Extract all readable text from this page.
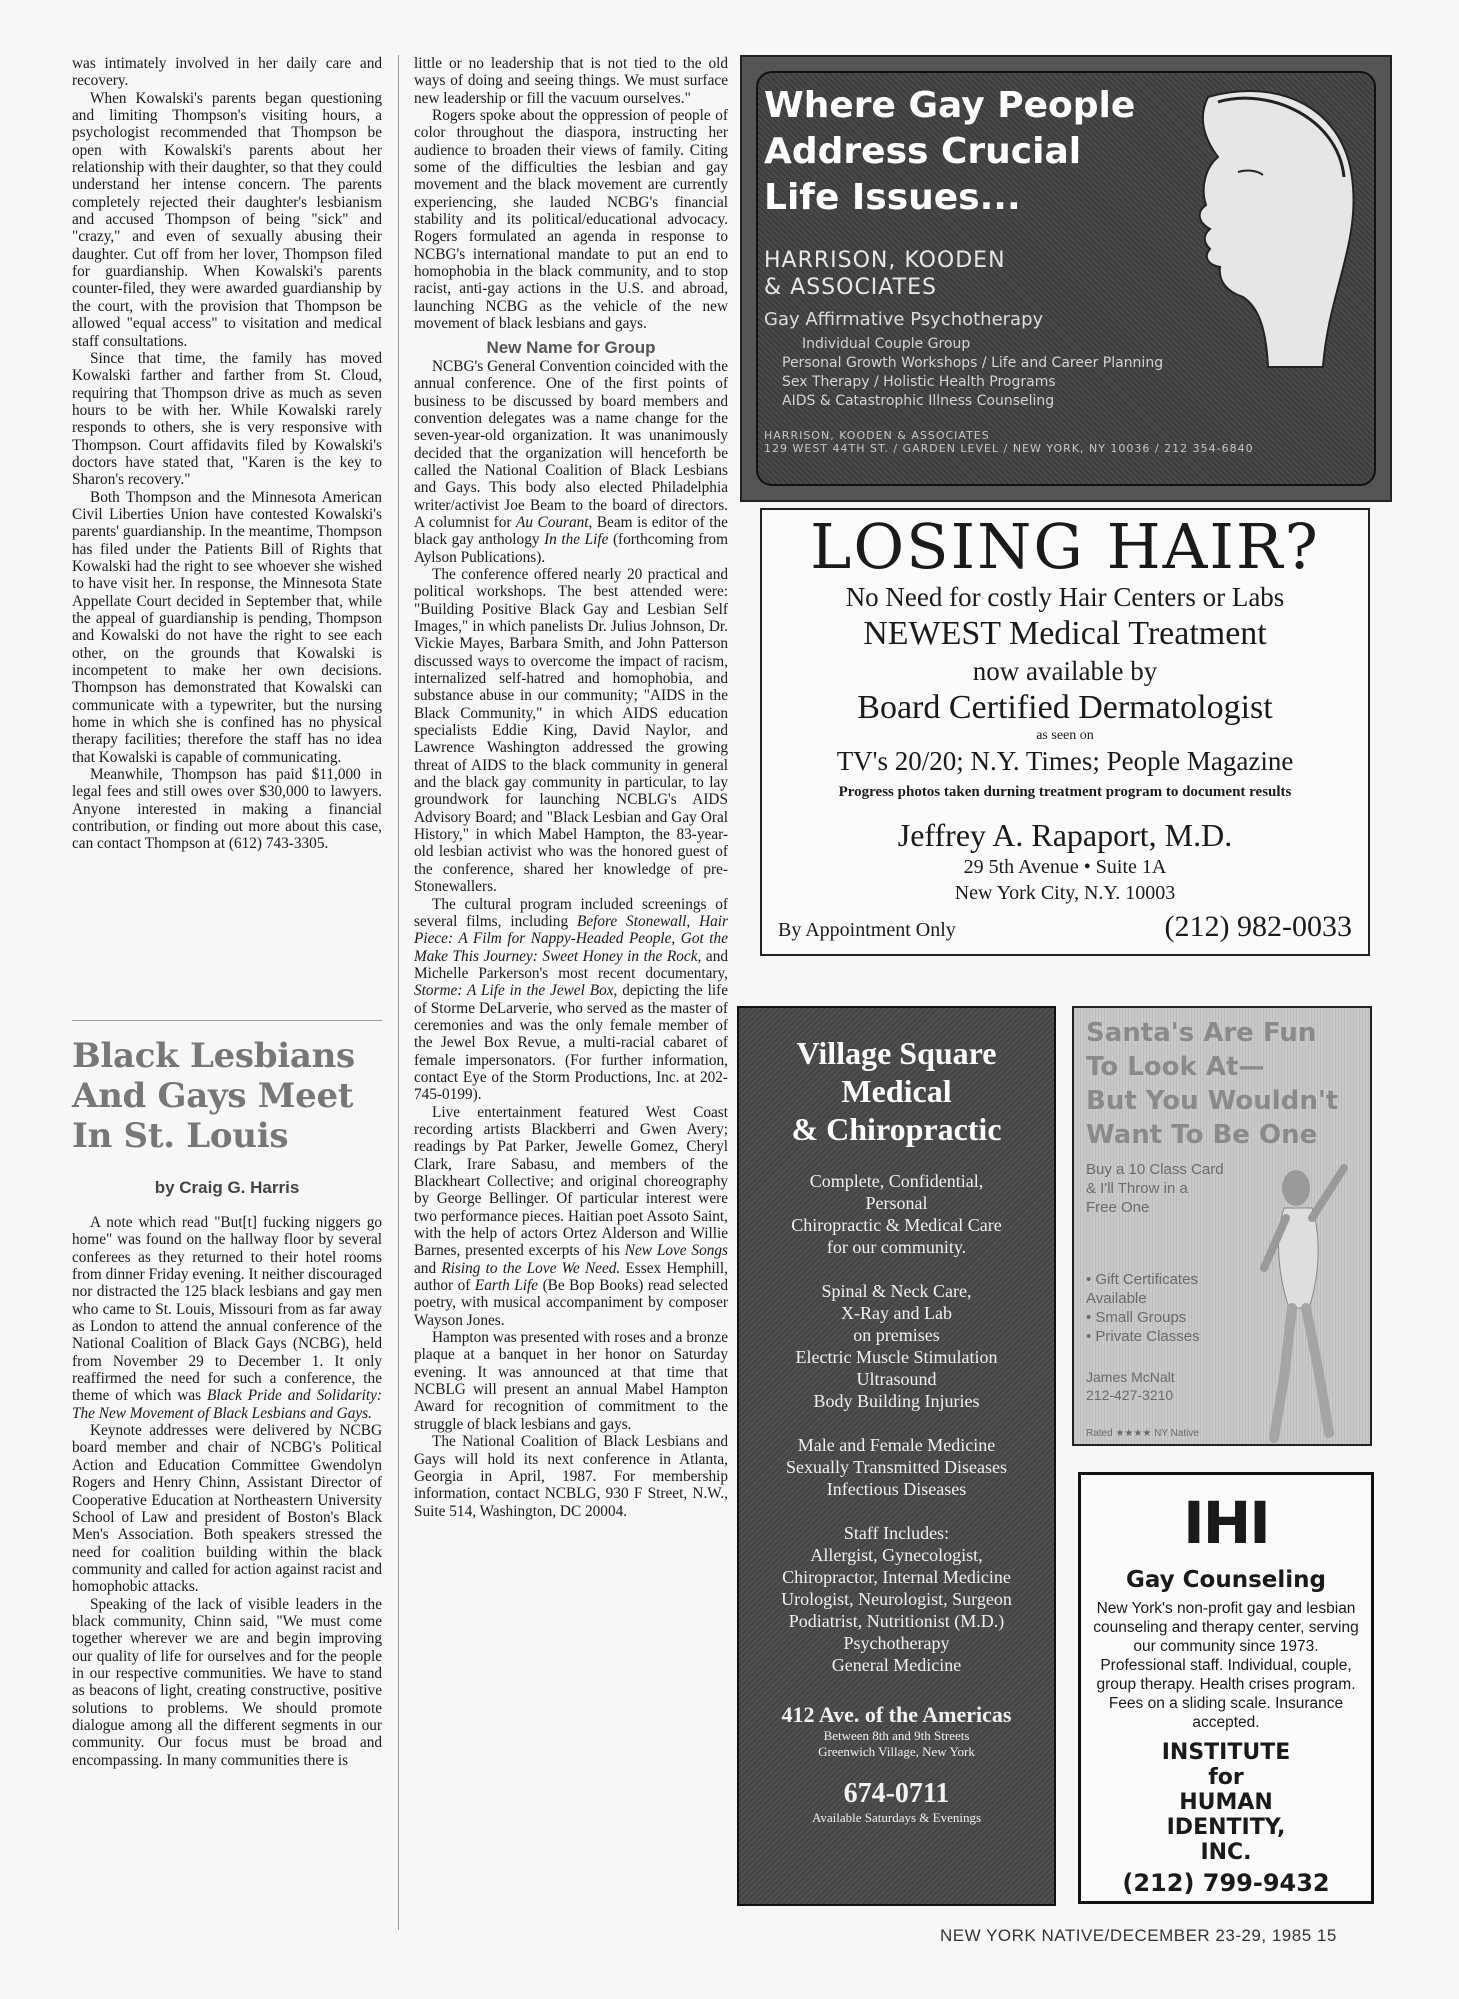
was intimately involved in her daily care and recovery.

When Kowalski's parents began questioning and limiting Thompson's visiting hours, a psychologist recommended that Thompson be open with Kowalski's parents about her relationship with their daughter, so that they could understand her intense concern. The parents completely rejected their daughter's lesbianism and accused Thompson of being "sick" and "crazy," and even of sexually abusing their daughter. Cut off from her lover, Thompson filed for guardianship. When Kowalski's parents counter-filed, they were awarded guardianship by the court, with the provision that Thompson be allowed "equal access" to visitation and medical staff consultations.

Since that time, the family has moved Kowalski farther and farther from St. Cloud, requiring that Thompson drive as much as seven hours to be with her. While Kowalski rarely responds to others, she is very responsive with Thompson. Court affidavits filed by Kowalski's doctors have stated that, "Karen is the key to Sharon's recovery."

Both Thompson and the Minnesota American Civil Liberties Union have contested Kowalski's parents' guardianship. In the meantime, Thompson has filed under the Patients Bill of Rights that Kowalski had the right to see whoever she wished to have visit her. In response, the Minnesota State Appellate Court decided in September that, while the appeal of guardianship is pending, Thompson and Kowalski do not have the right to see each other, on the grounds that Kowalski is incompetent to make her own decisions. Thompson has demonstrated that Kowalski can communicate with a typewriter, but the nursing home in which she is confined has no physical therapy facilities; therefore the staff has no idea that Kowalski is capable of communicating.

Meanwhile, Thompson has paid $11,000 in legal fees and still owes over $30,000 to lawyers. Anyone interested in making a financial contribution, or finding out more about this case, can contact Thompson at (612) 743-3305.

Black Lesbians And Gays Meet In St. Louis
by Craig G. Harris

A note which read "But[t] fucking niggers go home" was found on the hallway floor by several conferees as they returned to their hotel rooms from dinner Friday evening. It neither discouraged nor distracted the 125 black lesbians and gay men who came to St. Louis, Missouri from as far away as London to attend the annual conference of the National Coalition of Black Gays (NCBG), held from November 29 to December 1. It only reaffirmed the need for such a conference, the theme of which was Black Pride and Solidarity: The New Movement of Black Lesbians and Gays.

Keynote addresses were delivered by NCBG board member and chair of NCBG's Political Action and Education Committee Gwendolyn Rogers and Henry Chinn, Assistant Director of Cooperative Education at Northeastern University School of Law and president of Boston's Black Men's Association. Both speakers stressed the need for coalition building within the black community and called for action against racist and homophobic attacks.

Speaking of the lack of visible leaders in the black community, Chinn said, "We must come together wherever we are and begin improving our quality of life for ourselves and for the people in our respective communities. We have to stand as beacons of light, creating constructive, positive solutions to problems. We should promote dialogue among all the different segments in our community. Our focus must be broad and encompassing. In many communities there is

little or no leadership that is not tied to the old ways of doing and seeing things. We must surface new leadership or fill the vacuum ourselves."

Rogers spoke about the oppression of people of color throughout the diaspora, instructing her audience to broaden their views of family. Citing some of the difficulties the lesbian and gay movement and the black movement are currently experiencing, she lauded NCBG's financial stability and its political/educational advocacy. Rogers formulated an agenda in response to NCBG's international mandate to put an end to homophobia in the black community, and to stop racist, anti-gay actions in the U.S. and abroad, launching NCBG as the vehicle of the new movement of black lesbians and gays.

New Name for Group

NCBG's General Convention coincided with the annual conference. One of the first points of business to be discussed by board members and convention delegates was a name change for the seven-year-old organization. It was unanimously decided that the organization will henceforth be called the National Coalition of Black Lesbians and Gays. This body also elected Philadelphia writer/activist Joe Beam to the board of directors. A columnist for Au Courant, Beam is editor of the black gay anthology In the Life (forthcoming from Aylson Publications).

The conference offered nearly 20 practical and political workshops. The best attended were: "Building Positive Black Gay and Lesbian Self Images," in which panelists Dr. Julius Johnson, Dr. Vickie Mayes, Barbara Smith, and John Patterson discussed ways to overcome the impact of racism, internalized self-hatred and homophobia, and substance abuse in our community; "AIDS in the Black Community," in which AIDS education specialists Eddie King, David Naylor, and Lawrence Washington addressed the growing threat of AIDS to the black community in general and the black gay community in particular, to lay groundwork for launching NCBLG's AIDS Advisory Board; and "Black Lesbian and Gay Oral History," in which Mabel Hampton, the 83-year-old lesbian activist who was the honored guest of the conference, shared her knowledge of pre-Stonewallers.

The cultural program included screenings of several films, including Before Stonewall, Hair Piece: A Film for Nappy-Headed People, Got the Make This Journey: Sweet Honey in the Rock, and Michelle Parkerson's most recent documentary, Storme: A Life in the Jewel Box, depicting the life of Storme DeLarverie, who served as the master of ceremonies and was the only female member of the Jewel Box Revue, a multi-racial cabaret of female impersonators. (For further information, contact Eye of the Storm Productions, Inc. at 202-745-0199).

Live entertainment featured West Coast recording artists Blackberri and Gwen Avery; readings by Pat Parker, Jewelle Gomez, Cheryl Clark, Irare Sabasu, and members of the Blackheart Collective; and original choreography by George Bellinger. Of particular interest were two performance pieces. Haitian poet Assoto Saint, with the help of actors Ortez Alderson and Willie Barnes, presented excerpts of his New Love Songs and Rising to the Love We Need. Essex Hemphill, author of Earth Life (Be Bop Books) read selected poetry, with musical accompaniment by composer Wayson Jones.

Hampton was presented with roses and a bronze plaque at a banquet in her honor on Saturday evening. It was announced at that time that NCBLG will present an annual Mabel Hampton Award for recognition of commitment to the struggle of black lesbians and gays.

The National Coalition of Black Lesbians and Gays will hold its next conference in Atlanta, Georgia in April, 1987. For membership information, contact NCBLG, 930 F Street, N.W., Suite 514, Washington, DC 20004.

Where Gay People
Address Crucial
Life Issues...
HARRISON, KOODEN
& ASSOCIATES
Gay Affirmative Psychotherapy
Individual Couple Group
Personal Growth Workshops / Life and Career Planning
Sex Therapy / Holistic Health Programs
AIDS & Catastrophic Illness Counseling
HARRISON, KOODEN & ASSOCIATES
129 WEST 44TH ST. / GARDEN LEVEL / NEW YORK, NY 10036 / 212 354-6840
LOSING HAIR?
No Need for costly Hair Centers or Labs
NEWEST Medical Treatment
now available by
Board Certified Dermatologist
as seen on
TV's 20/20; N.Y. Times; People Magazine
Progress photos taken durning treatment program to document results
Jeffrey A. Rapaport, M.D.
29 5th Avenue • Suite 1A
New York City, N.Y. 10003
By Appointment Only	(212) 982-0033
Village Square
Medical
& Chiropractic
Complete, Confidential,
Personal
Chiropractic & Medical Care
for our community.
Spinal & Neck Care,
X-Ray and Lab
on premises
Electric Muscle Stimulation
Ultrasound
Body Building Injuries
Male and Female Medicine
Sexually Transmitted Diseases
Infectious Diseases
Staff Includes:
Allergist, Gynecologist,
Chiropractor, Internal Medicine
Urologist, Neurologist, Surgeon
Podiatrist, Nutritionist (M.D.)
Psychotherapy
General Medicine
412 Ave. of the Americas
Between 8th and 9th Streets
Greenwich Village, New York
674-0711
Available Saturdays & Evenings
Santa's Are Fun
To Look At—
But You Wouldn't
Want To Be One
Buy a 10 Class Card
& I'll Throw in a
Free One
• Gift Certificates
Available
• Small Groups
• Private Classes
James McNalt
212-427-3210
Rated ★★★★ NY Native
IHI
Gay Counseling
New York's non-profit gay and lesbian counseling and therapy center, serving our community since 1973. Professional staff. Individual, couple, group therapy. Health crises program. Fees on a sliding scale. Insurance accepted.
INSTITUTE
for
HUMAN
IDENTITY,
INC.
(212) 799-9432
NEW YORK NATIVE/DECEMBER 23-29, 1985 15
